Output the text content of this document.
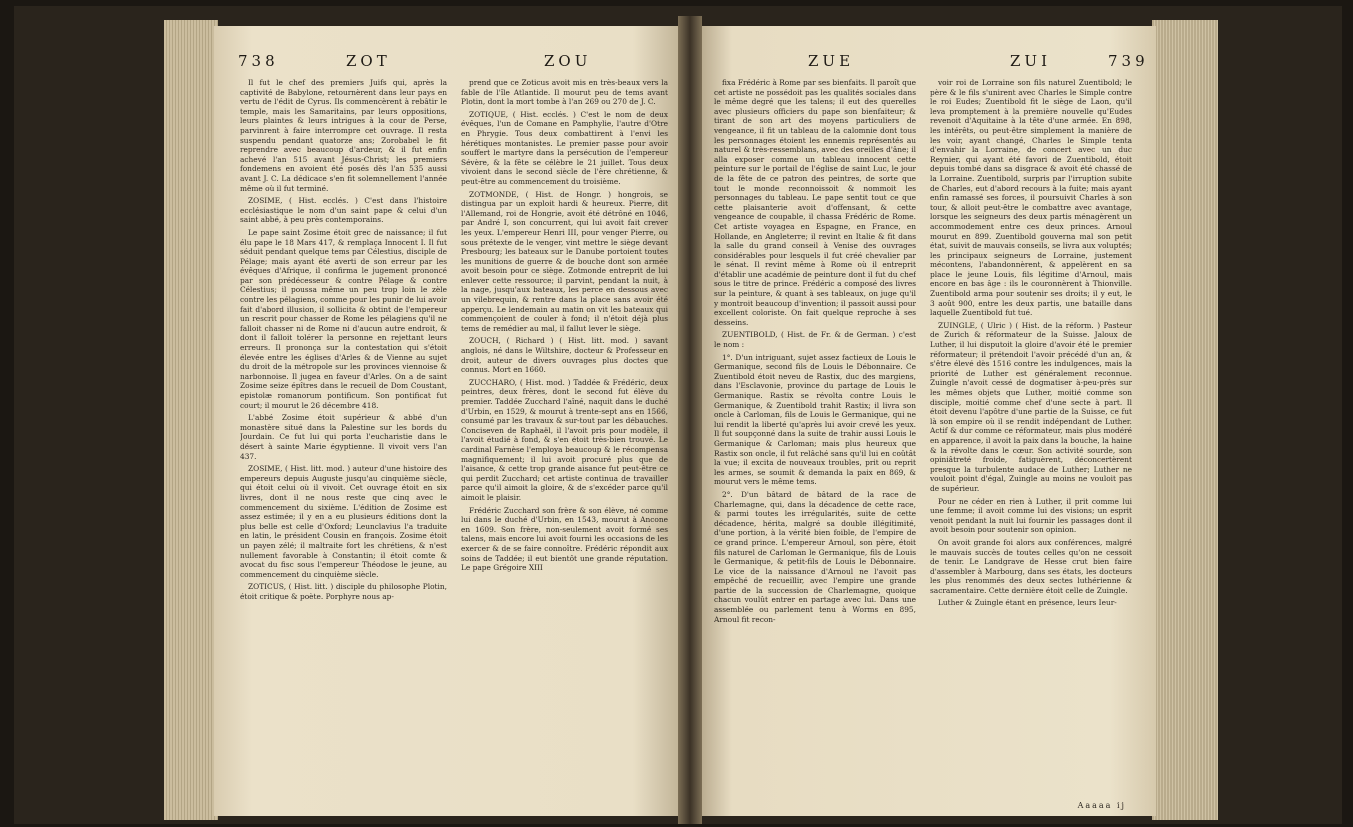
738	ZOT	ZOU

Il fut le chef des premiers Juifs qui, après la captivité de Babylone, retournèrent dans leur pays en vertu de l'édit de Cyrus. Ils commencèrent à rebâtir le temple, mais les Samaritains, par leurs oppositions, leurs plaintes & leurs intrigues à la cour de Perse, parvinrent à faire interrompre cet ouvrage. Il resta suspendu pendant quatorze ans; Zorobabel le fit reprendre avec beaucoup d'ardeur, & il fut enfin achevé l'an 515 avant Jésus-Christ; les premiers fondemens en avoient été posés dès l'an 535 aussi avant J. C. La dédicace s'en fit solemnellement l'année même où il fut terminé.

ZOSIME, ( Hist. ecclés. ) C'est dans l'histoire ecclésiastique le nom d'un saint pape & celui d'un saint abbé, à peu près contemporains.

Le pape saint Zosime étoit grec de naissance; il fut élu pape le 18 Mars 417, & remplaça Innocent I. Il fut séduit pendant quelque tems par Célestius, disciple de Pélage; mais ayant été averti de son erreur par les évêques d'Afrique, il confirma le jugement prononcé par son prédécesseur & contre Pélage & contre Célestius; il poussa même un peu trop loin le zèle contre les pélagiens, comme pour les punir de lui avoir fait d'abord illusion, il sollicita & obtint de l'empereur un rescrit pour chasser de Rome les pélagiens qu'il ne falloit chasser ni de Rome ni d'aucun autre endroit, & dont il falloit tolérer la personne en rejettant leurs erreurs. Il prononça sur la contestation qui s'étoit élevée entre les églises d'Arles & de Vienne au sujet du droit de la métropole sur les provinces viennoise & narbonnoise. Il jugea en faveur d'Arles. On a de saint Zosime seize épîtres dans le recueil de Dom Coustant, epistolæ romanorum pontificum. Son pontificat fut court; il mourut le 26 décembre 418.

L'abbé Zosime étoit supérieur & abbé d'un monastère situé dans la Palestine sur les bords du Jourdain. Ce fut lui qui porta l'eucharistie dans le désert à sainte Marie égyptienne. Il vivoit vers l'an 437.

ZOSIME, ( Hist. litt. mod. ) auteur d'une histoire des empereurs depuis Auguste jusqu'au cinquième siècle, qui étoit celui où il vivoit. Cet ouvrage étoit en six livres, dont il ne nous reste que cinq avec le commencement du sixième. L'édition de Zosime est assez estimée; il y en a eu plusieurs éditions dont la plus belle est celle d'Oxford; Leunclavius l'a traduite en latin, le président Cousin en françois. Zosime étoit un payen zélé; il maltraite fort les chrétiens, & n'est nullement favorable à Constantin; il étoit comte & avocat du fisc sous l'empereur Théodose le jeune, au commencement du cinquième siècle.

ZOTICUS, ( Hist. litt. ) disciple du philosophe Plotin, étoit critique & poète. Porphyre nous ap-

prend que ce Zoticus avoit mis en très-beaux vers la fable de l'île Atlantide. Il mourut peu de tems avant Plotin, dont la mort tombe à l'an 269 ou 270 de J. C.

ZOTIQUE, ( Hist. ecclés. ) C'est le nom de deux évêques, l'un de Comane en Pamphylie, l'autre d'Otre en Phrygie. Tous deux combattirent à l'envi les hérétiques montanistes. Le premier passe pour avoir souffert le martyre dans la persécution de l'empereur Sévère, & la fête se célèbre le 21 juillet. Tous deux vivoient dans le second siècle de l'ère chrétienne, & peut-être au commencement du troisième.

ZOTMONDE, ( Hist. de Hongr. ) hongrois, se distingua par un exploit hardi & heureux. Pierre, dit l'Allemand, roi de Hongrie, avoit été détrôné en 1046, par André I, son concurrent, qui lui avoit fait crever les yeux. L'empereur Henri III, pour venger Pierre, ou sous prétexte de le venger, vint mettre le siège devant Presbourg; les bateaux sur le Danube portoient toutes les munitions de guerre & de bouche dont son armée avoit besoin pour ce siège. Zotmonde entreprit de lui enlever cette ressource; il parvint, pendant la nuit, à la nage, jusqu'aux bateaux, les perce en dessous avec un vilebrequin, & rentre dans la place sans avoir été apperçu. Le lendemain au matin on vit les bateaux qui commençoient de couler à fond; il n'étoit déjà plus tems de remédier au mal, il fallut lever le siège.

ZOUCH, ( Richard ) ( Hist. litt. mod. ) savant anglois, né dans le Wiltshire, docteur & Professeur en droit, auteur de divers ouvrages plus doctes que connus. Mort en 1660.

ZUCCHARO, ( Hist. mod. ) Taddée & Frédéric, deux peintres, deux frères, dont le second fut élève du premier. Taddée Zucchard l'aîné, naquit dans le duché d'Urbin, en 1529, & mourut à trente-sept ans en 1566, consumé par les travaux & sur-tout par les débauches. Conciseven de Raphaël, il l'avoit pris pour modèle, il l'avoit étudié à fond, & s'en étoit très-bien trouvé. Le cardinal Farnèse l'employa beaucoup & le récompensa magnifiquement; il lui avoit procuré plus que de l'aisance, & cette trop grande aisance fut peut-être ce qui perdit Zucchard; cet artiste continua de travailler parce qu'il aimoit la gloire, & de s'excéder parce qu'il aimoit le plaisir.

Frédéric Zucchard son frère & son élève, né comme lui dans le duché d'Urbin, en 1543, mourut à Ancone en 1609. Son frère, non-seulement avoit formé ses talens, mais encore lui avoit fourni les occasions de les exercer & de se faire connoître. Frédéric répondit aux soins de Taddée; il eut bientôt une grande réputation. Le pape Grégoire XIII

ZUE	ZUI	739

fixa Frédéric à Rome par ses bienfaits. Il paroît que cet artiste ne possédoit pas les qualités sociales dans le même degré que les talens; il eut des querelles avec plusieurs officiers du pape son bienfaiteur; & tirant de son art des moyens particuliers de vengeance, il fit un tableau de la calomnie dont tous les personnages étoient les ennemis représentés au naturel & très-ressemblans, avec des oreilles d'âne; il alla exposer comme un tableau innocent cette peinture sur le portail de l'église de saint Luc, le jour de la fête de ce patron des peintres, de sorte que tout le monde reconnoissoit & nommoit les personnages du tableau. Le pape sentit tout ce que cette plaisanterie avoit d'offensant, & cette vengeance de coupable, il chassa Frédéric de Rome. Cet artiste voyagea en Espagne, en France, en Hollande, en Angleterre; il revint en Italie & fit dans la salle du grand conseil à Venise des ouvrages considérables pour lesquels il fut créé chevalier par le sénat. Il revint même à Rome où il entreprit d'établir une académie de peinture dont il fut du chef sous le titre de prince. Frédéric a composé des livres sur la peinture, & quant à ses tableaux, on juge qu'il y montroit beaucoup d'invention; il passoit aussi pour excellent coloriste. On fait quelque reproche à ses desseins.

ZUENTIBOLD, ( Hist. de Fr. & de German. ) c'est le nom :

1°. D'un intriguant, sujet assez factieux de Louis le Germanique, second fils de Louis le Débonnaire. Ce Zuentibold étoit neveu de Rastix, duc des margiens, dans l'Esclavonie, province du partage de Louis le Germanique. Rastix se révolta contre Louis le Germanique, & Zuentibold trahit Rastix; il livra son oncle à Carloman, fils de Louis le Germanique, qui ne lui rendit la liberté qu'après lui avoir crevé les yeux. Il fut soupçonné dans la suite de trahir aussi Louis le Germanique & Carloman; mais plus heureux que Rastix son oncle, il fut relâché sans qu'il lui en coûtât la vue; il excita de nouveaux troubles, prit ou reprit les armes, se soumit & demanda la paix en 869, & mourut vers le même tems.

2°. D'un bâtard de bâtard de la race de Charlemagne, qui, dans la décadence de cette race, & parmi toutes les irrégularités, suite de cette décadence, hérita, malgré sa double illégitimité, d'une portion, à la vérité bien foible, de l'empire de ce grand prince. L'empereur Arnoul, son père, étoit fils naturel de Carloman le Germanique, fils de Louis le Germanique, & petit-fils de Louis le Débonnaire. Le vice de la naissance d'Arnoul ne l'avoit pas empêché de recueillir, avec l'empire une grande partie de la succession de Charlemagne, quoique chacun voulût entrer en partage avec lui. Dans une assemblée ou parlement tenu à Worms en 895, Arnoul fit recon-

voir roi de Lorraine son fils naturel Zuentibold; le père & le fils s'unirent avec Charles le Simple contre le roi Eudes; Zuentibold fit le siège de Laon, qu'il leva promptement à la première nouvelle qu'Eudes revenoit d'Aquitaine à la tête d'une armée. En 898, les intérêts, ou peut-être simplement la manière de les voir, ayant changé, Charles le Simple tenta d'envahir la Lorraine, de concert avec un duc Reynier, qui ayant été favori de Zuentibold, étoit depuis tombé dans sa disgrace & avoit été chassé de la Lorraine. Zuentibold, surpris par l'irruption subite de Charles, eut d'abord recours à la fuite; mais ayant enfin ramassé ses forces, il poursuivit Charles à son tour, & alloit peut-être le combattre avec avantage, lorsque les seigneurs des deux partis ménagèrent un accommodement entre ces deux princes. Arnoul mourut en 899. Zuentibold gouverna mal son petit état, suivit de mauvais conseils, se livra aux voluptés; les principaux seigneurs de Lorraine, justement mécontens, l'abandonnèrent, & appelèrent en sa place le jeune Louis, fils légitime d'Arnoul, mais encore en bas âge : ils le couronnèrent à Thionville. Zuentibold arma pour soutenir ses droits; il y eut, le 3 août 900, entre les deux partis, une bataille dans laquelle Zuentibold fut tué.

ZUINGLE, ( Ulric ) ( Hist. de la réform. ) Pasteur de Zurich & réformateur de la Suisse. Jaloux de Luther, il lui disputoit la gloire d'avoir été le premier réformateur; il prétendoit l'avoir précédé d'un an, & s'être élevé dès 1516 contre les indulgences, mais la priorité de Luther est généralement reconnue. Zuingle n'avoit cessé de dogmatiser à-peu-près sur les mêmes objets que Luther, moitié comme son disciple, moitié comme chef d'une secte à part. Il étoit devenu l'apôtre d'une partie de la Suisse, ce fut là son empire où il se rendit indépendant de Luther. Actif & dur comme ce réformateur, mais plus modéré en apparence, il avoit la paix dans la bouche, la haine & la révolte dans le cœur. Son activité sourde, son opiniâtreté froide, fatiguèrent, déconcertèrent presque la turbulente audace de Luther; Luther ne vouloit point d'égal, Zuingle au moins ne vouloit pas de supérieur.

Pour ne céder en rien à Luther, il prit comme lui une femme; il avoit comme lui des visions; un esprit venoit pendant la nuit lui fournir les passages dont il avoit besoin pour soutenir son opinion.

On avoit grande foi alors aux conférences, malgré le mauvais succès de toutes celles qu'on ne cessoit de tenir. Le Landgrave de Hesse crut bien faire d'assembler à Marbourg, dans ses états, les docteurs les plus renommés des deux sectes luthérienne & sacramentaire. Cette dernière étoit celle de Zuingle.

Luther & Zuingle étant en présence, leurs Ieur-

Aaaaa ij
